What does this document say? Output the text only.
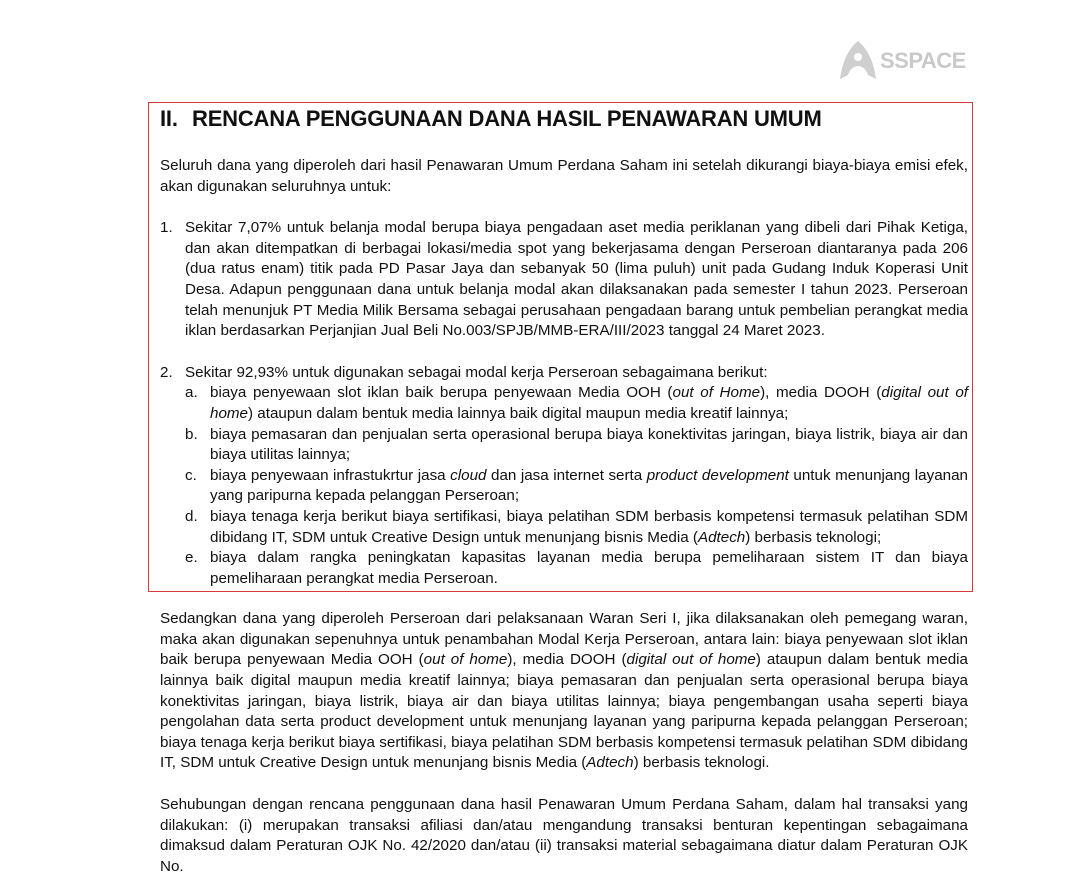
SSPACE
II. RENCANA PENGGUNAAN DANA HASIL PENAWARAN UMUM

Seluruh dana yang diperoleh dari hasil Penawaran Umum Perdana Saham ini setelah dikurangi biaya-biaya emisi efek, akan digunakan seluruhnya untuk:

1. Sekitar 7,07% untuk belanja modal berupa biaya pengadaan aset media periklanan yang dibeli dari Pihak Ketiga, dan akan ditempatkan di berbagai lokasi/media spot yang bekerjasama dengan Perseroan diantaranya pada 206 (dua ratus enam) titik pada PD Pasar Jaya dan sebanyak 50 (lima puluh) unit pada Gudang Induk Koperasi Unit Desa. Adapun penggunaan dana untuk belanja modal akan dilaksanakan pada semester I tahun 2023. Perseroan telah menunjuk PT Media Milik Bersama sebagai perusahaan pengadaan barang untuk pembelian perangkat media iklan berdasarkan Perjanjian Jual Beli No.003/SPJB/MMB-ERA/III/2023 tanggal 24 Maret 2023.
2. Sekitar 92,93% untuk digunakan sebagai modal kerja Perseroan sebagaimana berikut:
a. biaya penyewaan slot iklan baik berupa penyewaan Media OOH (out of Home), media DOOH (digital out of home) ataupun dalam bentuk media lainnya baik digital maupun media kreatif lainnya;
b. biaya pemasaran dan penjualan serta operasional berupa biaya konektivitas jaringan, biaya listrik, biaya air dan biaya utilitas lainnya;
c. biaya penyewaan infrastukrtur jasa cloud dan jasa internet serta product development untuk menunjang layanan yang paripurna kepada pelanggan Perseroan;
d. biaya tenaga kerja berikut biaya sertifikasi, biaya pelatihan SDM berbasis kompetensi termasuk pelatihan SDM dibidang IT, SDM untuk Creative Design untuk menunjang bisnis Media (Adtech) berbasis teknologi;
e. biaya dalam rangka peningkatan kapasitas layanan media berupa pemeliharaan sistem IT dan biaya pemeliharaan perangkat media Perseroan.

Sedangkan dana yang diperoleh Perseroan dari pelaksanaan Waran Seri I, jika dilaksanakan oleh pemegang waran, maka akan digunakan sepenuhnya untuk penambahan Modal Kerja Perseroan, antara lain: biaya penyewaan slot iklan baik berupa penyewaan Media OOH (out of home), media DOOH (digital out of home) ataupun dalam bentuk media lainnya baik digital maupun media kreatif lainnya; biaya pemasaran dan penjualan serta operasional berupa biaya konektivitas jaringan, biaya listrik, biaya air dan biaya utilitas lainnya; biaya pengembangan usaha seperti biaya pengolahan data serta product development untuk menunjang layanan yang paripurna kepada pelanggan Perseroan; biaya tenaga kerja berikut biaya sertifikasi, biaya pelatihan SDM berbasis kompetensi termasuk pelatihan SDM dibidang IT, SDM untuk Creative Design untuk menunjang bisnis Media (Adtech) berbasis teknologi.

Sehubungan dengan rencana penggunaan dana hasil Penawaran Umum Perdana Saham, dalam hal transaksi yang dilakukan: (i) merupakan transaksi afiliasi dan/atau mengandung transaksi benturan kepentingan sebagaimana dimaksud dalam Peraturan OJK No. 42/2020 dan/atau (ii) transaksi material sebagaimana diatur dalam Peraturan OJK No.
